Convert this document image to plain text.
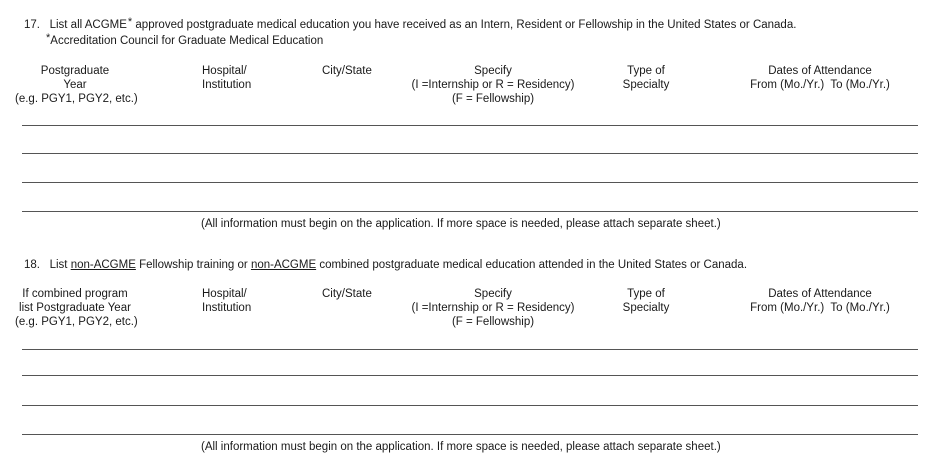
17. List all ACGME* approved postgraduate medical education you have received as an Intern, Resident or Fellowship in the United States or Canada.
*Accreditation Council for Graduate Medical Education
Postgraduate
Year
(e.g. PGY1, PGY2, etc.)
Hospital/
Institution
City/State	Specify
(I =Internship or R = Residency)
(F = Fellowship)
Type of
Specialty
Dates of Attendance
From (Mo./Yr.)  To (Mo./Yr.)
(All information must begin on the application. If more space is needed, please attach separate sheet.)
18. List non-ACGME Fellowship training or non-ACGME combined postgraduate medical education attended in the United States or Canada.
If combined program
list Postgraduate Year
(e.g. PGY1, PGY2, etc.)
Hospital/
Institution
City/State	Specify
(I =Internship or R = Residency)
(F = Fellowship)
Type of
Specialty
Dates of Attendance
From (Mo./Yr.)  To (Mo./Yr.)
(All information must begin on the application. If more space is needed, please attach separate sheet.)
